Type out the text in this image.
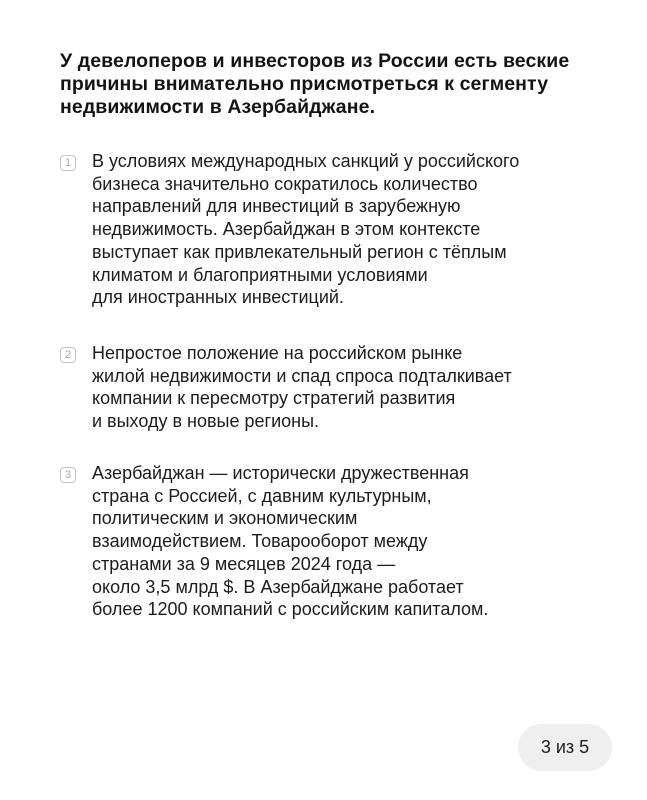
У девелоперов и инвесторов из России есть веские
причины внимательно присмотреться к сегменту
недвижимости в Азербайджане.
1 В условиях международных санкций у российского
бизнеса значительно сократилось количество
направлений для инвестиций в зарубежную
недвижимость. Азербайджан в этом контексте
выступает как привлекательный регион с тёплым
климатом и благоприятными условиями
для иностранных инвестиций.
2 Непростое положение на российском рынке
жилой недвижимости и спад спроса подталкивает
компании к пересмотру стратегий развития
и выходу в новые регионы.
3 Азербайджан — исторически дружественная
страна с Россией, с давним культурным,
политическим и экономическим
взаимодействием. Товарооборот между
странами за 9 месяцев 2024 года —
около 3,5 млрд $. В Азербайджане работает
более 1200 компаний с российским капиталом.
3 из 5
